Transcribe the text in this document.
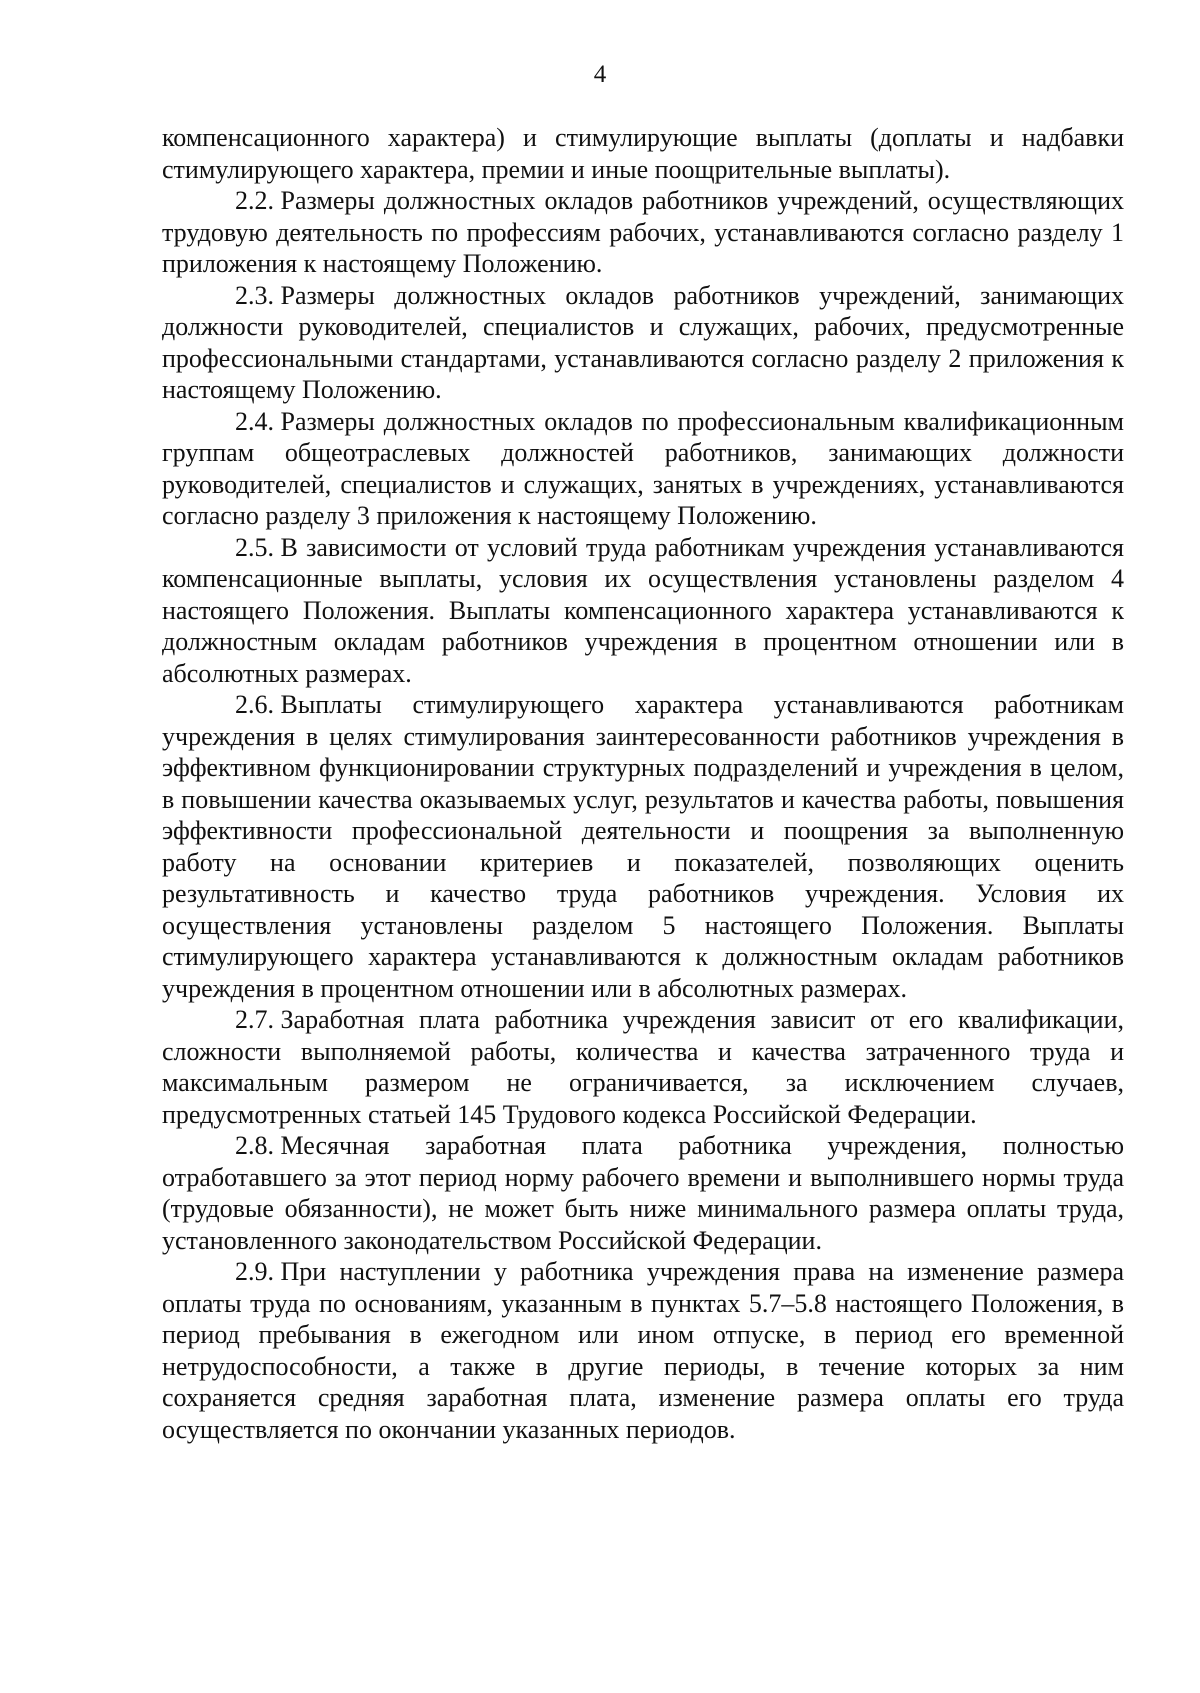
4

компенсационного характера) и стимулирующие выплаты (доплаты и надбавки стимулирующего характера, премии и иные поощрительные выплаты).

2.2. Размеры должностных окладов работников учреждений, осуществляющих трудовую деятельность по профессиям рабочих, устанавливаются согласно разделу 1 приложения к настоящему Положению.

2.3. Размеры должностных окладов работников учреждений, занимающих должности руководителей, специалистов и служащих, рабочих, предусмотренные профессиональными стандартами, устанавливаются согласно разделу 2 приложения к настоящему Положению.

2.4. Размеры должностных окладов по профессиональным квалификационным группам общеотраслевых должностей работников, занимающих должности руководителей, специалистов и служащих, занятых в учреждениях, устанавливаются согласно разделу 3 приложения к настоящему Положению.

2.5. В зависимости от условий труда работникам учреждения устанавливаются компенсационные выплаты, условия их осуществления установлены разделом 4 настоящего Положения. Выплаты компенсационного характера устанавливаются к должностным окладам работников учреждения в процентном отношении или в абсолютных размерах.

2.6. Выплаты стимулирующего характера устанавливаются работникам учреждения в целях стимулирования заинтересованности работников учреждения в эффективном функционировании структурных подразделений и учреждения в целом, в повышении качества оказываемых услуг, результатов и качества работы, повышения эффективности профессиональной деятельности и поощрения за выполненную работу на основании критериев и показателей, позволяющих оценить результативность и качество труда работников учреждения. Условия их осуществления установлены разделом 5 настоящего Положения. Выплаты стимулирующего характера устанавливаются к должностным окладам работников учреждения в процентном отношении или в абсолютных размерах.

2.7. Заработная плата работника учреждения зависит от его квалификации, сложности выполняемой работы, количества и качества затраченного труда и максимальным размером не ограничивается, за исключением случаев, предусмотренных статьей 145 Трудового кодекса Российской Федерации.

2.8. Месячная заработная плата работника учреждения, полностью отработавшего за этот период норму рабочего времени и выполнившего нормы труда (трудовые обязанности), не может быть ниже минимального размера оплаты труда, установленного законодательством Российской Федерации.

2.9. При наступлении у работника учреждения права на изменение размера оплаты труда по основаниям, указанным в пунктах 5.7–5.8 настоящего Положения, в период пребывания в ежегодном или ином отпуске, в период его временной нетрудоспособности, а также в другие периоды, в течение которых за ним сохраняется средняя заработная плата, изменение размера оплаты его труда осуществляется по окончании указанных периодов.
